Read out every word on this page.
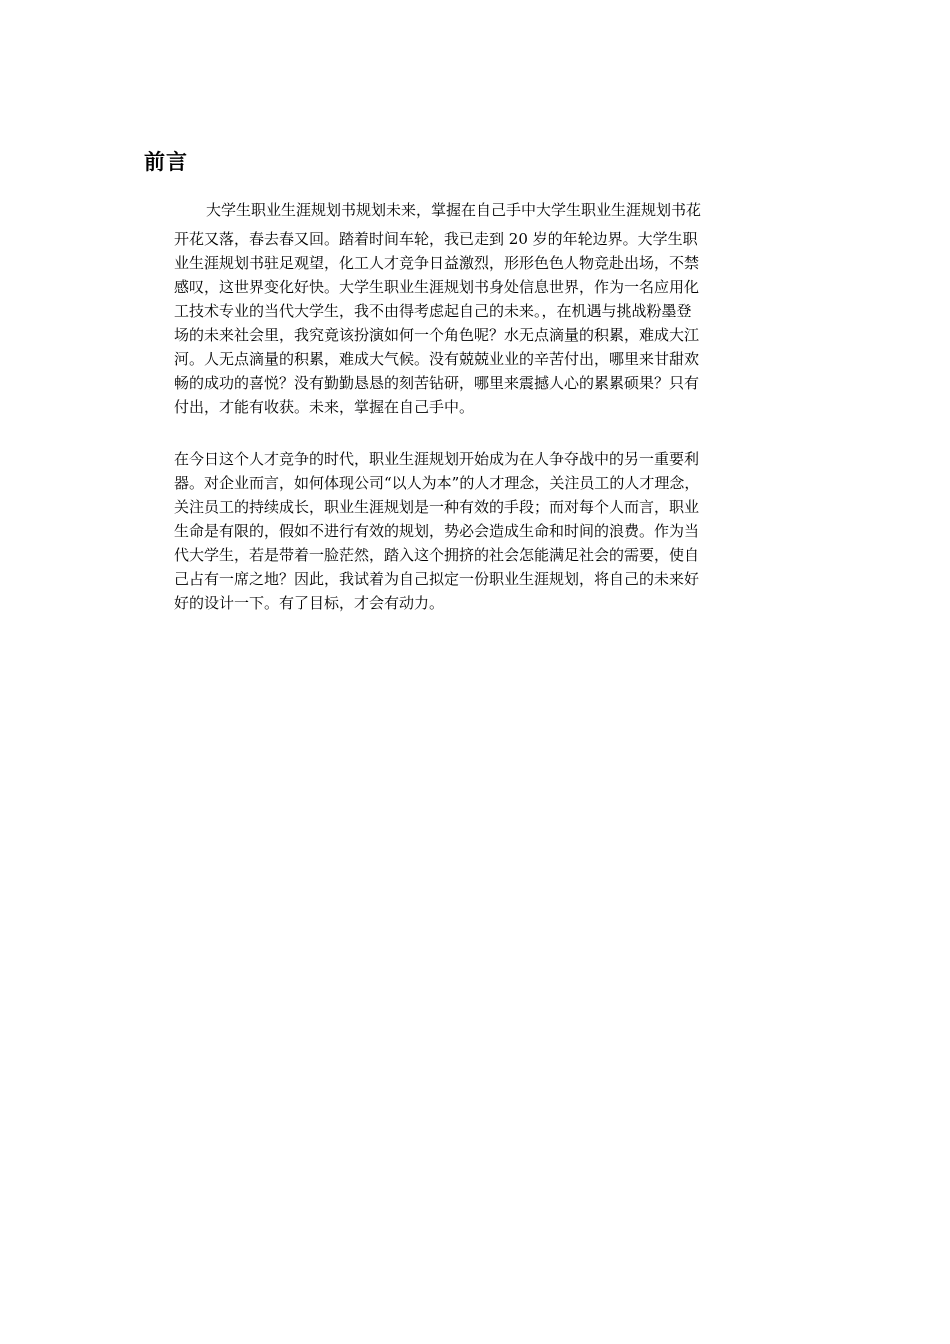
前言
大学生职业生涯规划书规划未来，掌握在自己手中大学生职业生涯规划书花
开花又落，春去春又回。踏着时间车轮，我已走到 20 岁的年轮边界。大学生职
业生涯规划书驻足观望，化工人才竞争日益激烈，形形色色人物竞赴出场，不禁
感叹，这世界变化好快。大学生职业生涯规划书身处信息世界，作为一名应用化
工技术专业的当代大学生，我不由得考虑起自己的未来。，在机遇与挑战粉墨登
场的未来社会里，我究竟该扮演如何一个角色呢？水无点滴量的积累，难成大江
河。人无点滴量的积累，难成大气候。没有兢兢业业的辛苦付出，哪里来甘甜欢
畅的成功的喜悦？没有勤勤恳恳的刻苦钻研，哪里来震撼人心的累累硕果？只有
付出，才能有收获。未来，掌握在自己手中。
在今日这个人才竞争的时代，职业生涯规划开始成为在人争夺战中的另一重要利
器。对企业而言，如何体现公司“以人为本”的人才理念，关注员工的人才理念，
关注员工的持续成长，职业生涯规划是一种有效的手段；而对每个人而言，职业
生命是有限的，假如不进行有效的规划，势必会造成生命和时间的浪费。作为当
代大学生，若是带着一脸茫然，踏入这个拥挤的社会怎能满足社会的需要，使自
己占有一席之地？因此，我试着为自己拟定一份职业生涯规划，将自己的未来好
好的设计一下。有了目标，才会有动力。
